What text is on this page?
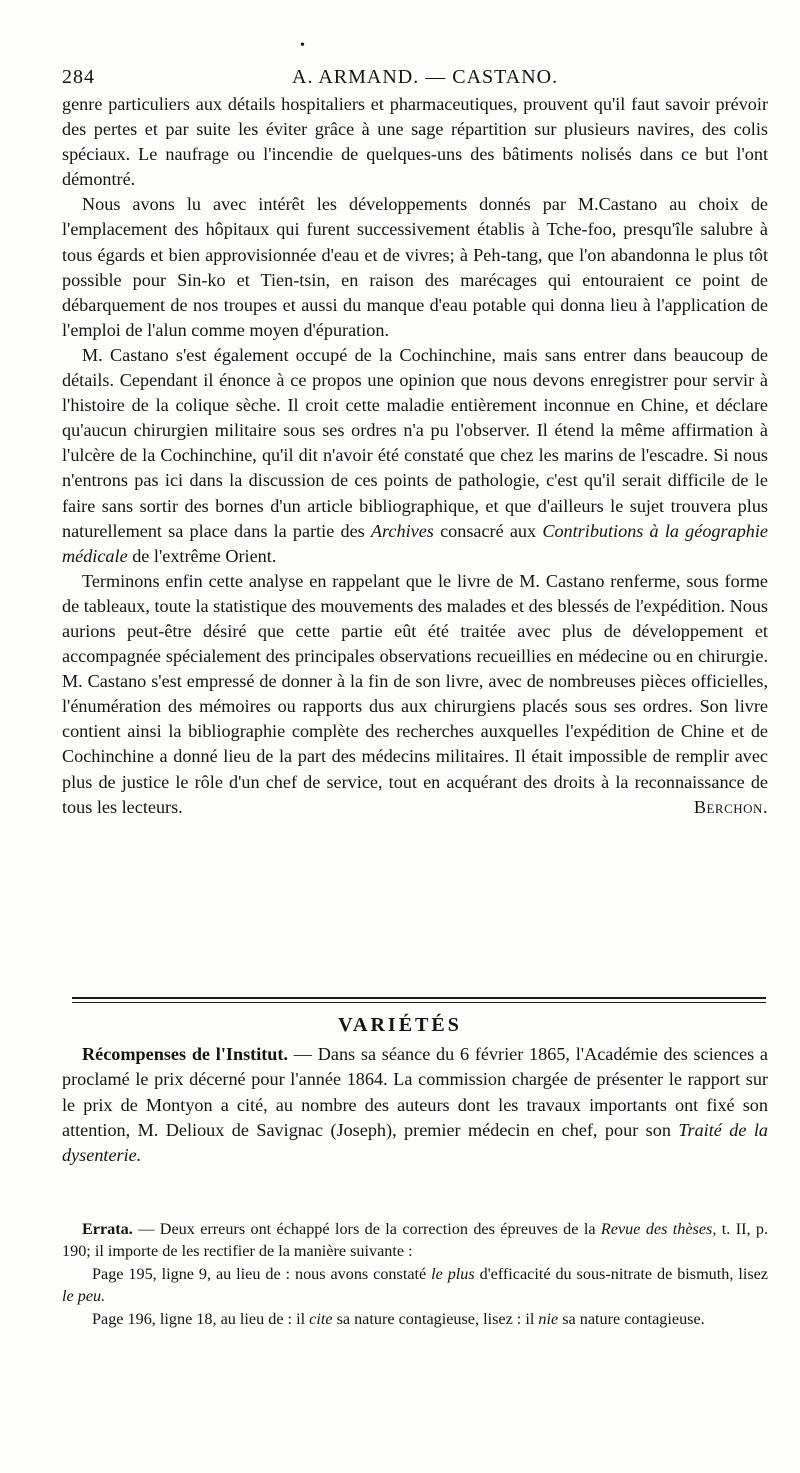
•
284	A. ARMAND. — CASTANO.

genre particuliers aux détails hospitaliers et pharmaceutiques, prouvent qu'il faut savoir prévoir des pertes et par suite les éviter grâce à une sage répartition sur plusieurs navires, des colis spéciaux. Le naufrage ou l'incendie de quelques-uns des bâtiments nolisés dans ce but l'ont démontré.

Nous avons lu avec intérêt les développements donnés par M.Castano au choix de l'emplacement des hôpitaux qui furent successivement établis à Tche-foo, presqu'île salubre à tous égards et bien approvisionnée d'eau et de vivres; à Peh-tang, que l'on abandonna le plus tôt possible pour Sin-ko et Tien-tsin, en raison des marécages qui entouraient ce point de débarquement de nos troupes et aussi du manque d'eau potable qui donna lieu à l'application de l'emploi de l'alun comme moyen d'épuration.

M. Castano s'est également occupé de la Cochinchine, mais sans entrer dans beaucoup de détails. Cependant il énonce à ce propos une opinion que nous devons enregistrer pour servir à l'histoire de la colique sèche. Il croit cette maladie entièrement inconnue en Chine, et déclare qu'aucun chirurgien militaire sous ses ordres n'a pu l'observer. Il étend la même affirmation à l'ulcère de la Cochinchine, qu'il dit n'avoir été constaté que chez les marins de l'escadre. Si nous n'entrons pas ici dans la discussion de ces points de pathologie, c'est qu'il serait difficile de le faire sans sortir des bornes d'un article bibliographique, et que d'ailleurs le sujet trouvera plus naturellement sa place dans la partie des Archives consacré aux Contributions à la géographie médicale de l'extrême Orient.

Terminons enfin cette analyse en rappelant que le livre de M. Castano renferme, sous forme de tableaux, toute la statistique des mouvements des malades et des blessés de l'expédition. Nous aurions peut-être désiré que cette partie eût été traitée avec plus de développement et accompagnée spécialement des principales observations recueillies en médecine ou en chirurgie. M. Castano s'est empressé de donner à la fin de son livre, avec de nombreuses pièces officielles, l'énumération des mémoires ou rapports dus aux chirurgiens placés sous ses ordres. Son livre contient ainsi la bibliographie complète des recherches auxquelles l'expédition de Chine et de Cochinchine a donné lieu de la part des médecins militaires. Il était impossible de remplir avec plus de justice le rôle d'un chef de service, tout en acquérant des droits à la reconnaissance de tous les lecteurs.	Berchon.

VARIÉTÉS

Récompenses de l'Institut. — Dans sa séance du 6 février 1865, l'Académie des sciences a proclamé le prix décerné pour l'année 1864. La commission chargée de présenter le rapport sur le prix de Montyon a cité, au nombre des auteurs dont les travaux importants ont fixé son attention, M. Delioux de Savignac (Joseph), premier médecin en chef, pour son Traité de la dysenterie.

Errata. — Deux erreurs ont échappé lors de la correction des épreuves de la Revue des thèses, t. II, p. 190; il importe de les rectifier de la manière suivante :

Page 195, ligne 9, au lieu de : nous avons constaté le plus d'efficacité du sous-nitrate de bismuth, lisez le peu.

Page 196, ligne 18, au lieu de : il cite sa nature contagieuse, lisez : il nie sa nature contagieuse.
